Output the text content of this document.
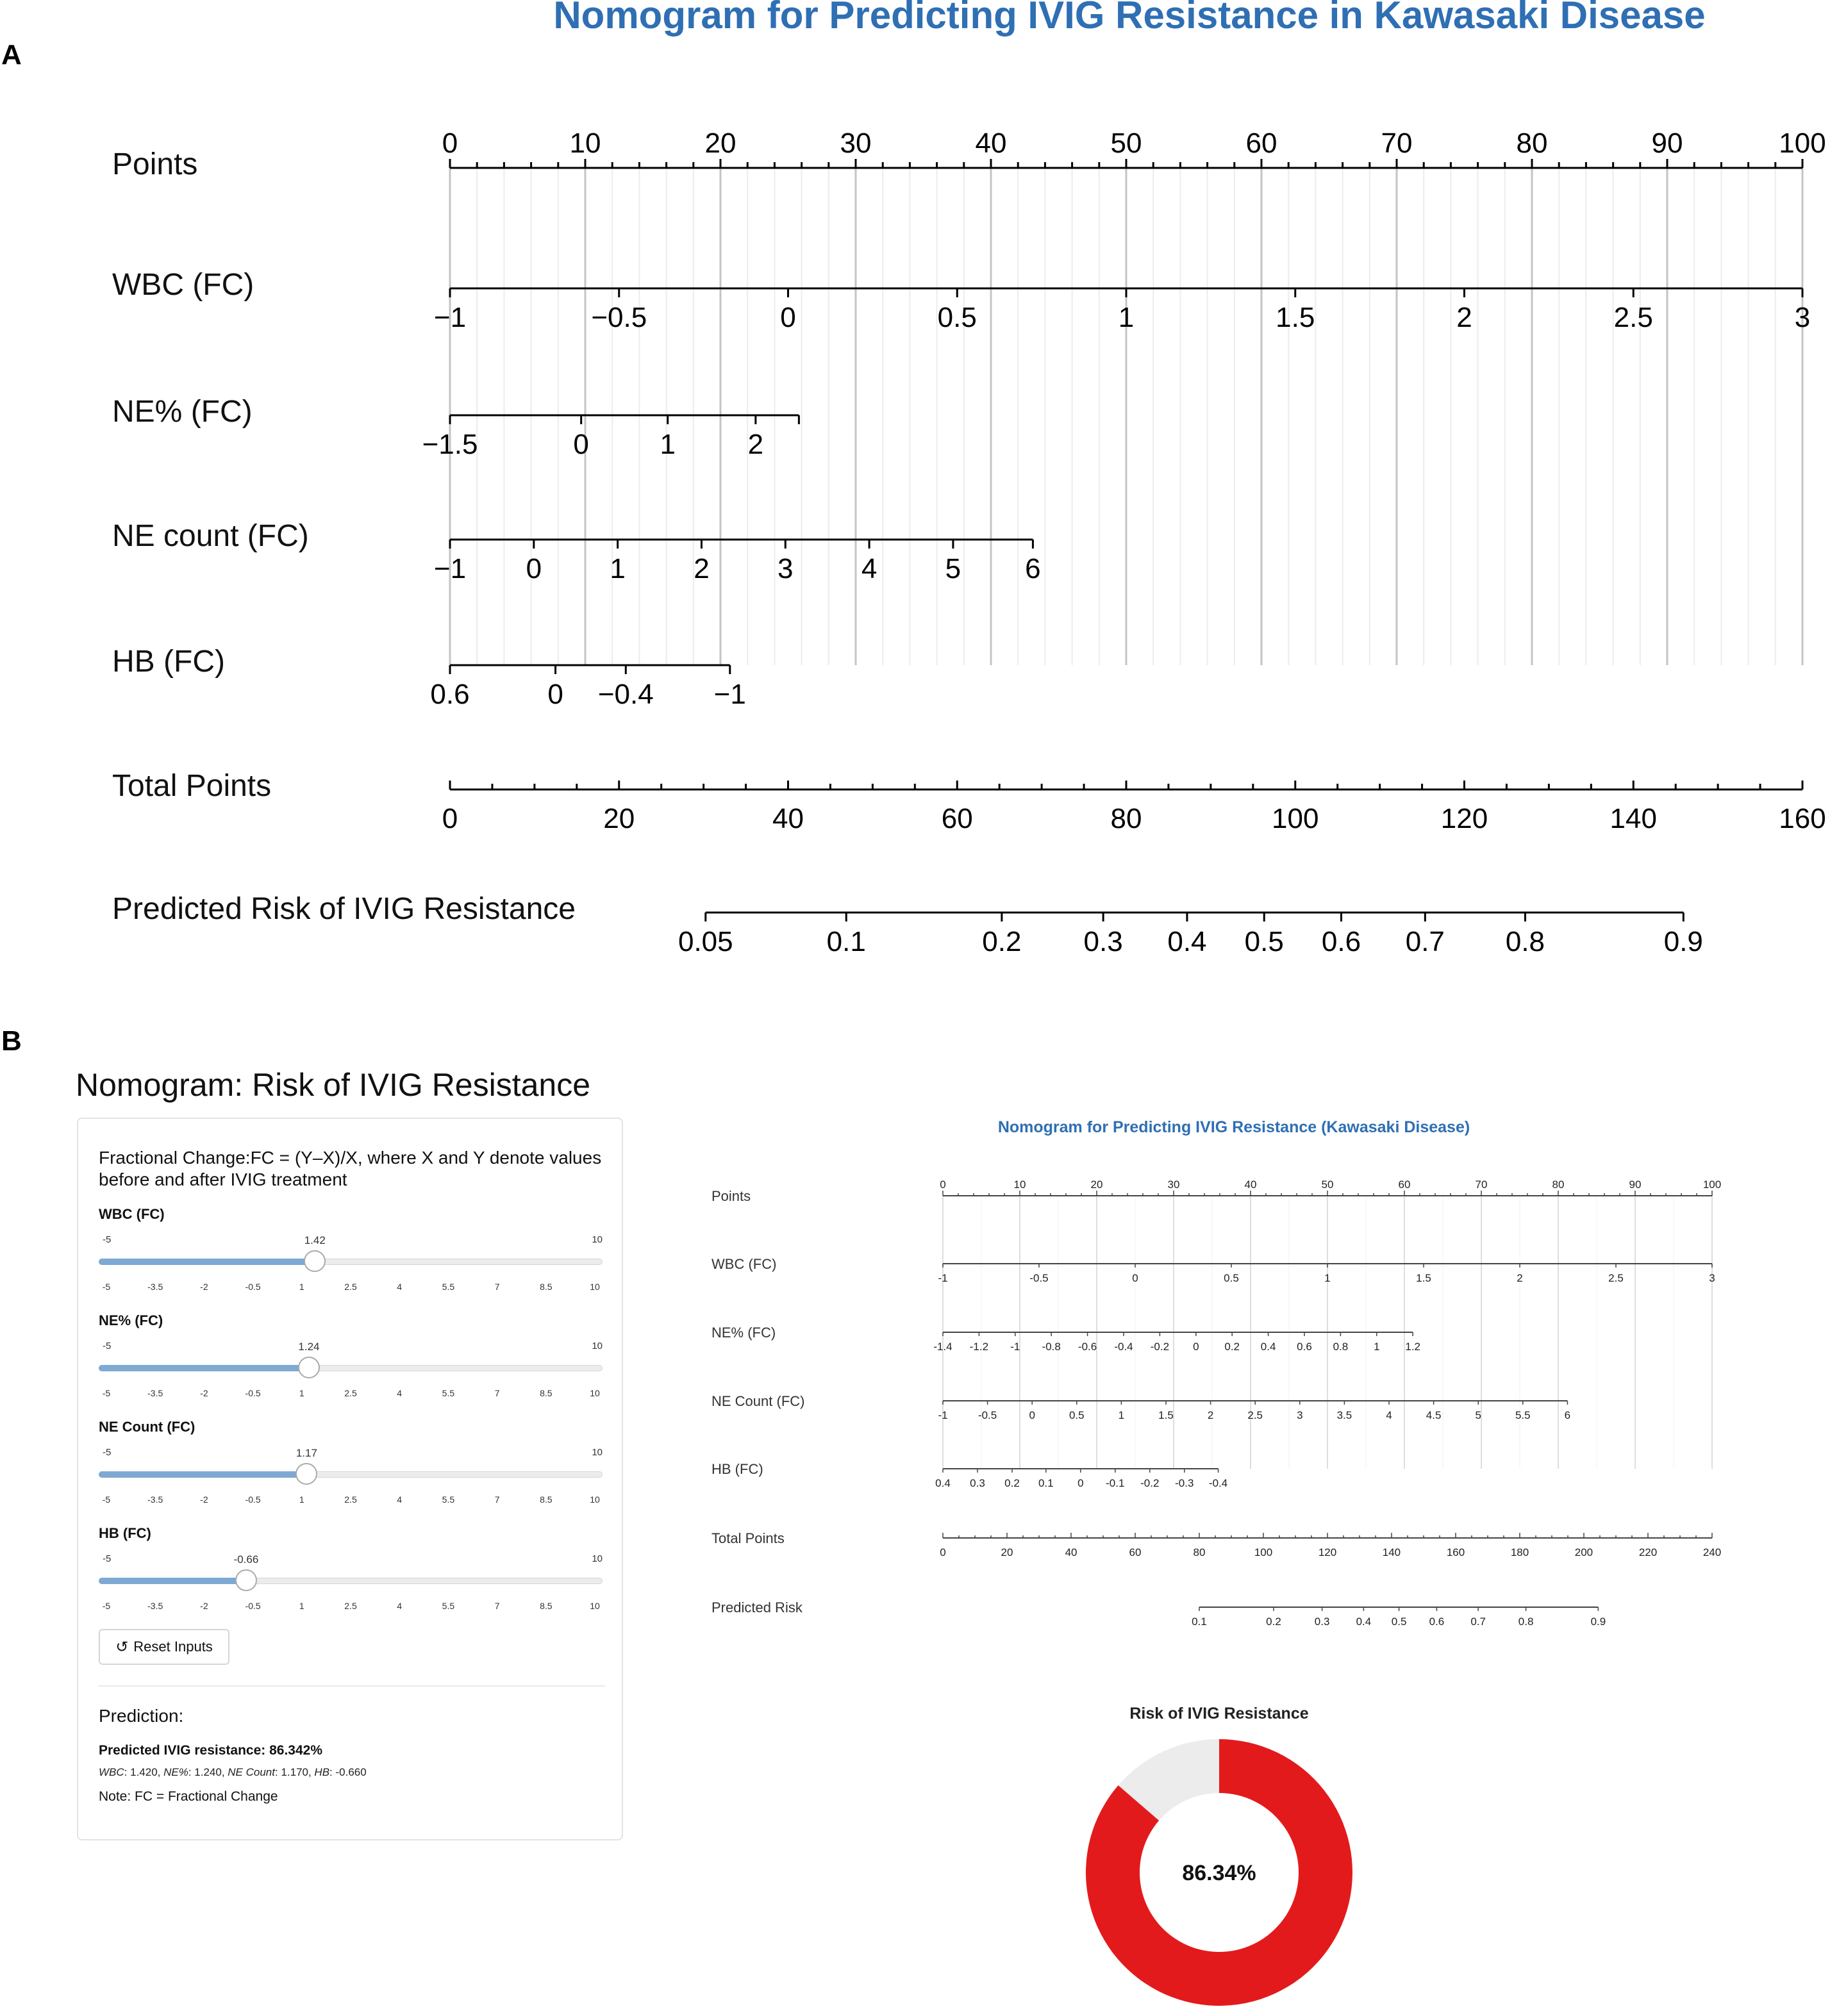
Nomogram for Predicting IVIG Resistance in Kawasaki Disease
A
Points
0	10	20	30	40	50	60	70	80	90	100
WBC (FC)
−1	−0.5	0	0.5	1	1.5	2	2.5	3
NE% (FC)
−1.5	0	1	2
NE count (FC)
−1 0 1 2 3 4 5 6
HB (FC)
0.6	0 −0.4 −1
Total Points
0	20	40	60	80	100	120	140	160
Predicted Risk of IVIG Resistance
0.05	0.1	0.2 0.3 0.4 0.5 0.6 0.7 0.8	0.9
B
Nomogram: Risk of IVIG Resistance
Fractional Change:FC = (Y–X)/X, where X and Y denote values before and after IVIG treatment
WBC (FC)
-5	10
1.42
-5	-3.5	-2	-0.5	1	2.5	4	5.5	7	8.5	10
NE% (FC)
-5	10
1.24
-5	-3.5	-2	-0.5	1	2.5	4	5.5	7	8.5	10
NE Count (FC)
-5	10
1.17
-5	-3.5	-2	-0.5	1	2.5	4	5.5	7	8.5	10
HB (FC)
-5	10
-0.66
-5	-3.5	-2	-0.5	1	2.5	4	5.5	7	8.5	10
↺ Reset Inputs
Prediction:
Predicted IVIG resistance: 86.342%
WBC: 1.420, NE%: 1.240, NE Count: 1.170, HB: -0.660
Note: FC = Fractional Change
Nomogram for Predicting IVIG Resistance (Kawasaki Disease)
Points
0	10	20	30	40	50	60	70	80	90	100
WBC (FC)
-1	-0.5	0	0.5	1	1.5	2	2.5	3
NE% (FC)
-1.4 -1.2 -1 -0.8 -0.6 -0.4 -0.2 0 0.2 0.4 0.6 0.8 1 1.2
NE Count (FC)
-1	-0.5	0	0.5	1	1.5	2	2.5	3	3.5	4	4.5	5	5.5	6
HB (FC)
0.4 0.3 0.2 0.1 0 -0.1 -0.2 -0.3 -0.4
Total Points
0	20	40	60	80	100	120	140	160	180	200	220	240
Predicted Risk
0.1	0.2	0.3 0.4 0.5 0.6 0.7	0.8	0.9
Risk of IVIG Resistance
86.34%
